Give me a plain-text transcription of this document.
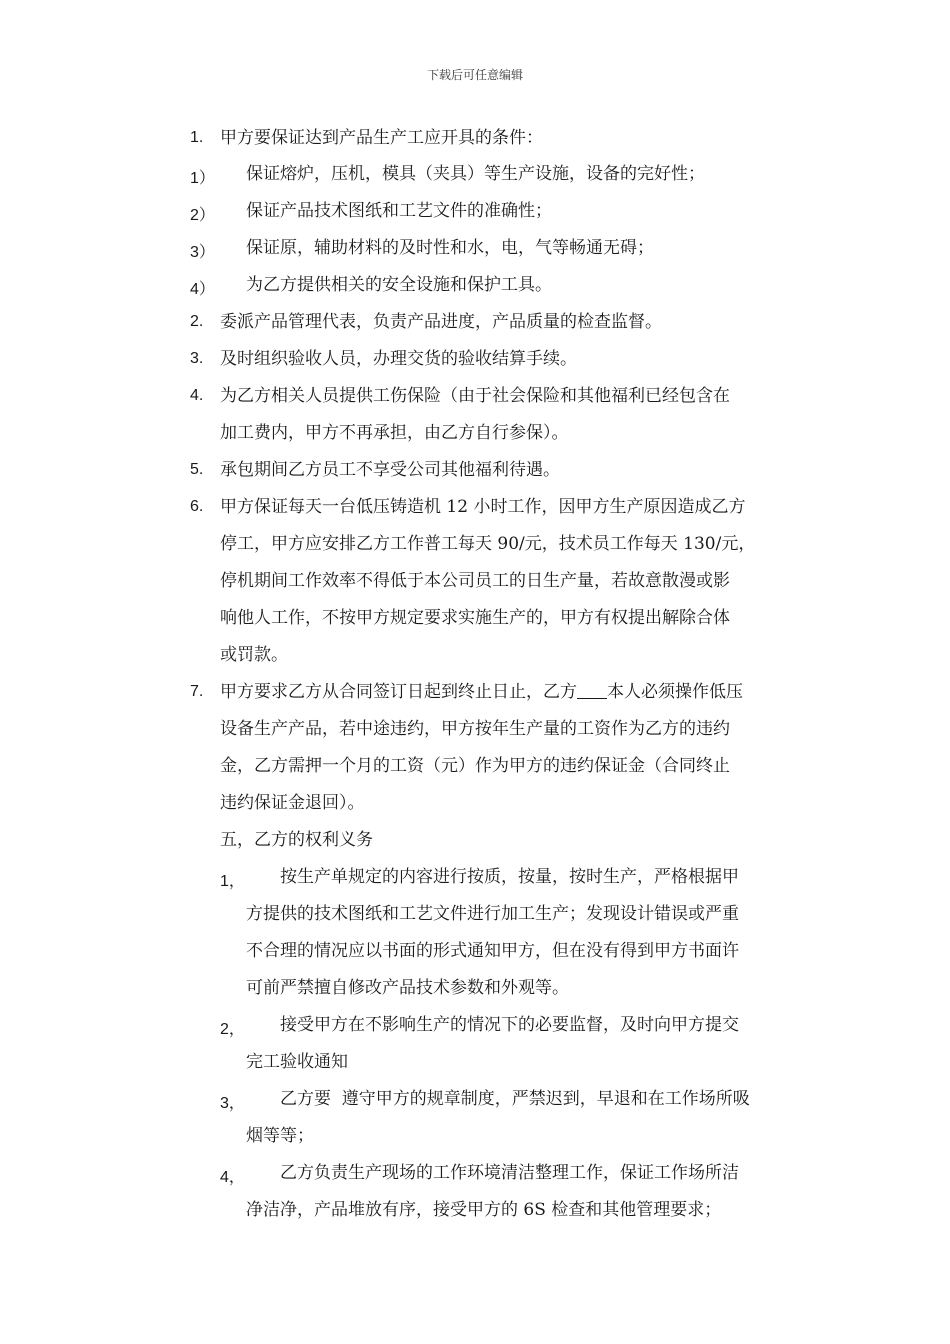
下载后可任意编辑
1. 甲方要保证达到产品生产工应开具的条件：
1） 保证熔炉，压机，模具（夹具）等生产设施，设备的完好性；
2） 保证产品技术图纸和工艺文件的准确性；
3） 保证原，辅助材料的及时性和水，电，气等畅通无碍；
4） 为乙方提供相关的安全设施和保护工具。
2. 委派产品管理代表，负责产品进度，产品质量的检查监督。
3. 及时组织验收人员，办理交货的验收结算手续。
4. 为乙方相关人员提供工伤保险（由于社会保险和其他福利已经包含在
加工费内，甲方不再承担，由乙方自行参保）。
5. 承包期间乙方员工不享受公司其他福利待遇。
6. 甲方保证每天一台低压铸造机 12 小时工作，因甲方生产原因造成乙方
停工，甲方应安排乙方工作普工每天 90/元，技术员工作每天 130/元，
停机期间工作效率不得低于本公司员工的日生产量，若故意散漫或影
响他人工作，不按甲方规定要求实施生产的，甲方有权提出解除合体
或罚款。
7. 甲方要求乙方从合同签订日起到终止日止，乙方 本人必须操作低压
设备生产产品，若中途违约，甲方按年生产量的工资作为乙方的违约
金，乙方需押一个月的工资（元）作为甲方的违约保证金（合同终止
违约保证金退回）。
五，乙方的权利义务
1， 按生产单规定的内容进行按质，按量，按时生产，严格根据甲
方提供的技术图纸和工艺文件进行加工生产；发现设计错误或严重
不合理的情况应以书面的形式通知甲方，但在没有得到甲方书面许
可前严禁擅自修改产品技术参数和外观等。
2， 接受甲方在不影响生产的情况下的必要监督，及时向甲方提交
完工验收通知
3， 乙方要  遵守甲方的规章制度，严禁迟到，早退和在工作场所吸
烟等等；
4， 乙方负责生产现场的工作环境清洁整理工作，保证工作场所洁
净洁净，产品堆放有序，接受甲方的 6S 检查和其他管理要求；
